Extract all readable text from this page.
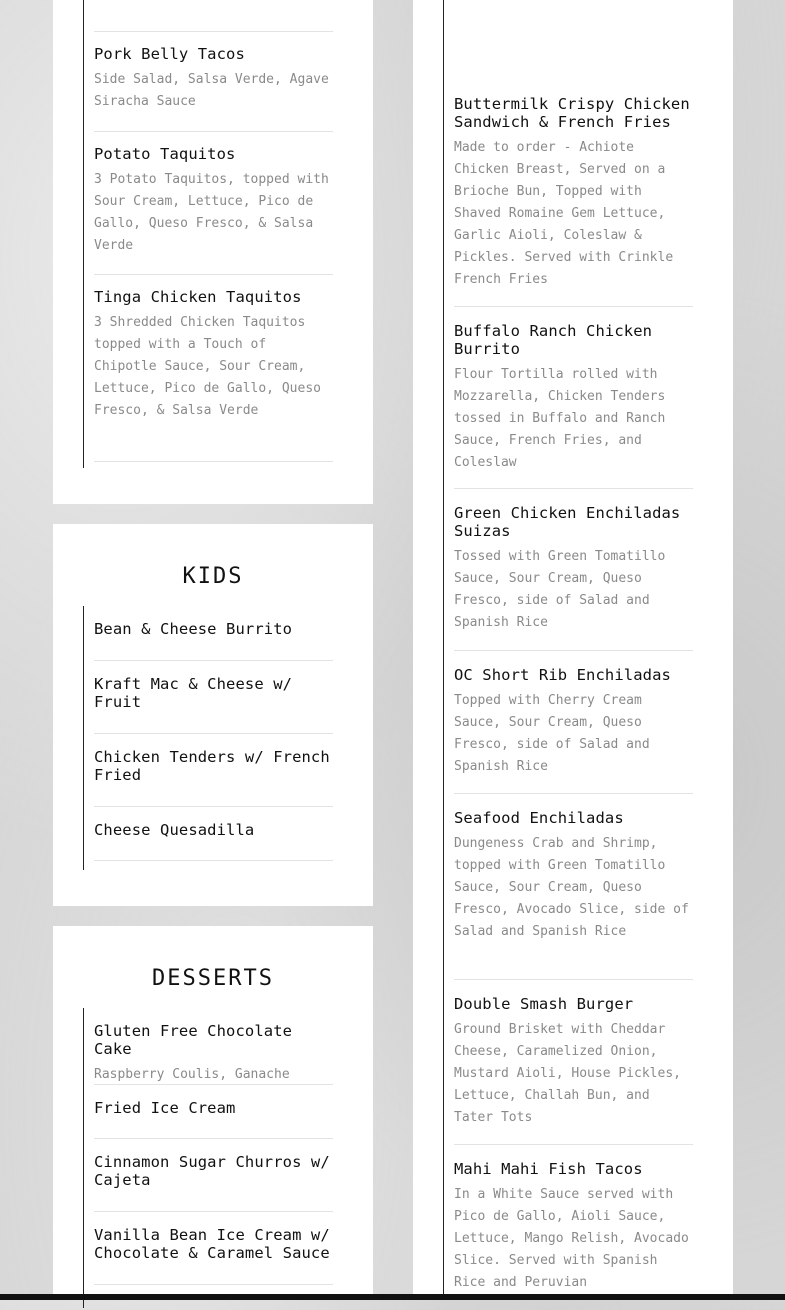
Pork Belly Tacos
Side Salad, Salsa Verde, Agave Siracha Sauce
Potato Taquitos
3 Potato Taquitos, topped with Sour Cream, Lettuce, Pico de Gallo, Queso Fresco, & Salsa Verde
Tinga Chicken Taquitos
3 Shredded Chicken Taquitos topped with a Touch of Chipotle Sauce, Sour Cream, Lettuce, Pico de Gallo, Queso Fresco, & Salsa Verde
KIDS
Bean & Cheese Burrito
Kraft Mac & Cheese w/ Fruit
Chicken Tenders w/ French Fried
Cheese Quesadilla
DESSERTS
Gluten Free Chocolate Cake
Raspberry Coulis, Ganache
Fried Ice Cream
Cinnamon Sugar Churros w/ Cajeta
Vanilla Bean Ice Cream w/ Chocolate & Caramel Sauce
Buttermilk Crispy Chicken Sandwich & French Fries
Made to order - Achiote Chicken Breast, Served on a Brioche Bun, Topped with Shaved Romaine Gem Lettuce, Garlic Aioli, Coleslaw & Pickles. Served with Crinkle French Fries
Buffalo Ranch Chicken Burrito
Flour Tortilla rolled with Mozzarella, Chicken Tenders tossed in Buffalo and Ranch Sauce, French Fries, and Coleslaw
Green Chicken Enchiladas Suizas
Tossed with Green Tomatillo Sauce, Sour Cream, Queso Fresco, side of Salad and Spanish Rice
OC Short Rib Enchiladas
Topped with Cherry Cream Sauce, Sour Cream, Queso Fresco, side of Salad and Spanish Rice
Seafood Enchiladas
Dungeness Crab and Shrimp, topped with Green Tomatillo Sauce, Sour Cream, Queso Fresco, Avocado Slice, side of Salad and Spanish Rice
Double Smash Burger
Ground Brisket with Cheddar Cheese, Caramelized Onion, Mustard Aioli, House Pickles, Lettuce, Challah Bun, and Tater Tots
Mahi Mahi Fish Tacos
In a White Sauce served with Pico de Gallo, Aioli Sauce, Lettuce, Mango Relish, Avocado Slice. Served with Spanish Rice and Peruvian
